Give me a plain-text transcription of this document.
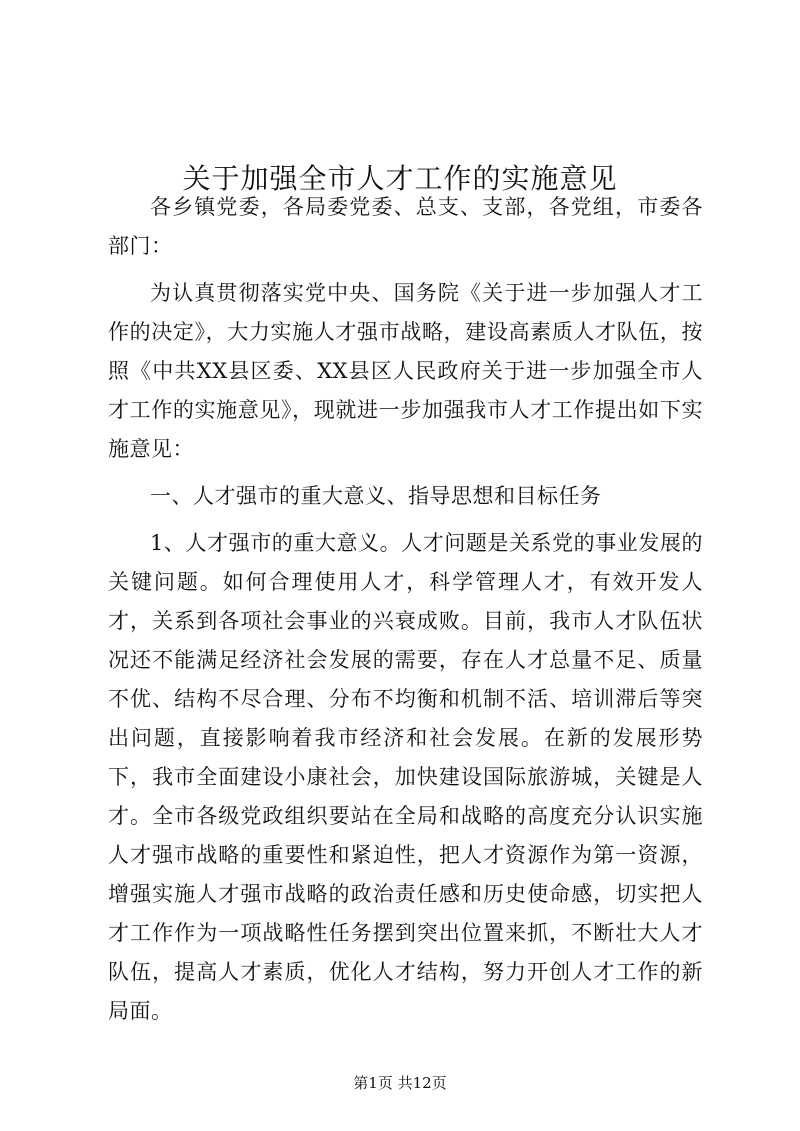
关于加强全市人才工作的实施意见

各乡镇党委，各局委党委、总支、支部，各党组，市委各部门：

为认真贯彻落实党中央、国务院《关于进一步加强人才工作的决定》，大力实施人才强市战略，建设高素质人才队伍，按照《中共XX县区委、XX县区人民政府关于进一步加强全市人才工作的实施意见》，现就进一步加强我市人才工作提出如下实施意见：

一、人才强市的重大意义、指导思想和目标任务

1、人才强市的重大意义。人才问题是关系党的事业发展的关键问题。如何合理使用人才，科学管理人才，有效开发人才，关系到各项社会事业的兴衰成败。目前，我市人才队伍状况还不能满足经济社会发展的需要，存在人才总量不足、质量不优、结构不尽合理、分布不均衡和机制不活、培训滞后等突出问题，直接影响着我市经济和社会发展。在新的发展形势下，我市全面建设小康社会，加快建设国际旅游城，关键是人才。全市各级党政组织要站在全局和战略的高度充分认识实施人才强市战略的重要性和紧迫性，把人才资源作为第一资源，增强实施人才强市战略的政治责任感和历史使命感，切实把人才工作作为一项战略性任务摆到突出位置来抓，不断壮大人才队伍，提高人才素质，优化人才结构，努力开创人才工作的新局面。

第1页 共12页
